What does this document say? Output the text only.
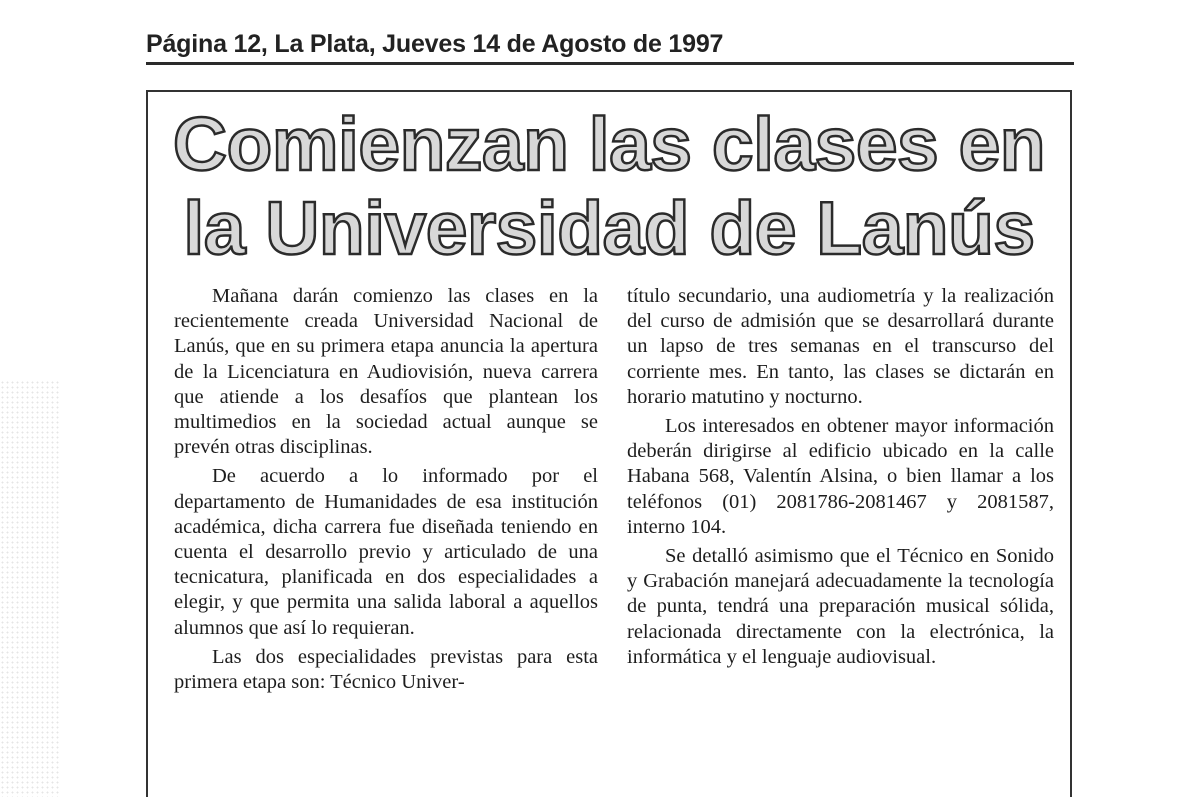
Página 12, La Plata, Jueves 14 de Agosto de 1997
Comienzan las clases en
la Universidad de Lanús

Mañana darán comienzo las clases en la recientemente creada Universidad Nacional de Lanús, que en su primera etapa anuncia la apertura de la Licenciatura en Audiovisión, nueva carrera que atiende a los desafíos que plantean los multimedios en la sociedad actual aunque se prevén otras disciplinas.

De acuerdo a lo informado por el departamento de Humanidades de esa institución académica, dicha carrera fue diseñada teniendo en cuenta el desarrollo previo y articulado de una tecnicatura, planificada en dos especialidades a elegir, y que permita una salida laboral a aquellos alumnos que así lo requieran.

Las dos especialidades previstas para esta primera etapa son: Técnico Univer-

título secundario, una audiometría y la realización del curso de admisión que se desarrollará durante un lapso de tres semanas en el transcurso del corriente mes. En tanto, las clases se dictarán en horario matutino y nocturno.

Los interesados en obtener mayor información deberán dirigirse al edificio ubicado en la calle Habana 568, Valentín Alsina, o bien llamar a los teléfonos (01) 2081786-2081467 y 2081587, interno 104.

Se detalló asimismo que el Técnico en Sonido y Grabación manejará adecuadamente la tecnología de punta, tendrá una preparación musical sólida, relacionada directamente con la electrónica, la informática y el lenguaje audiovisual.
